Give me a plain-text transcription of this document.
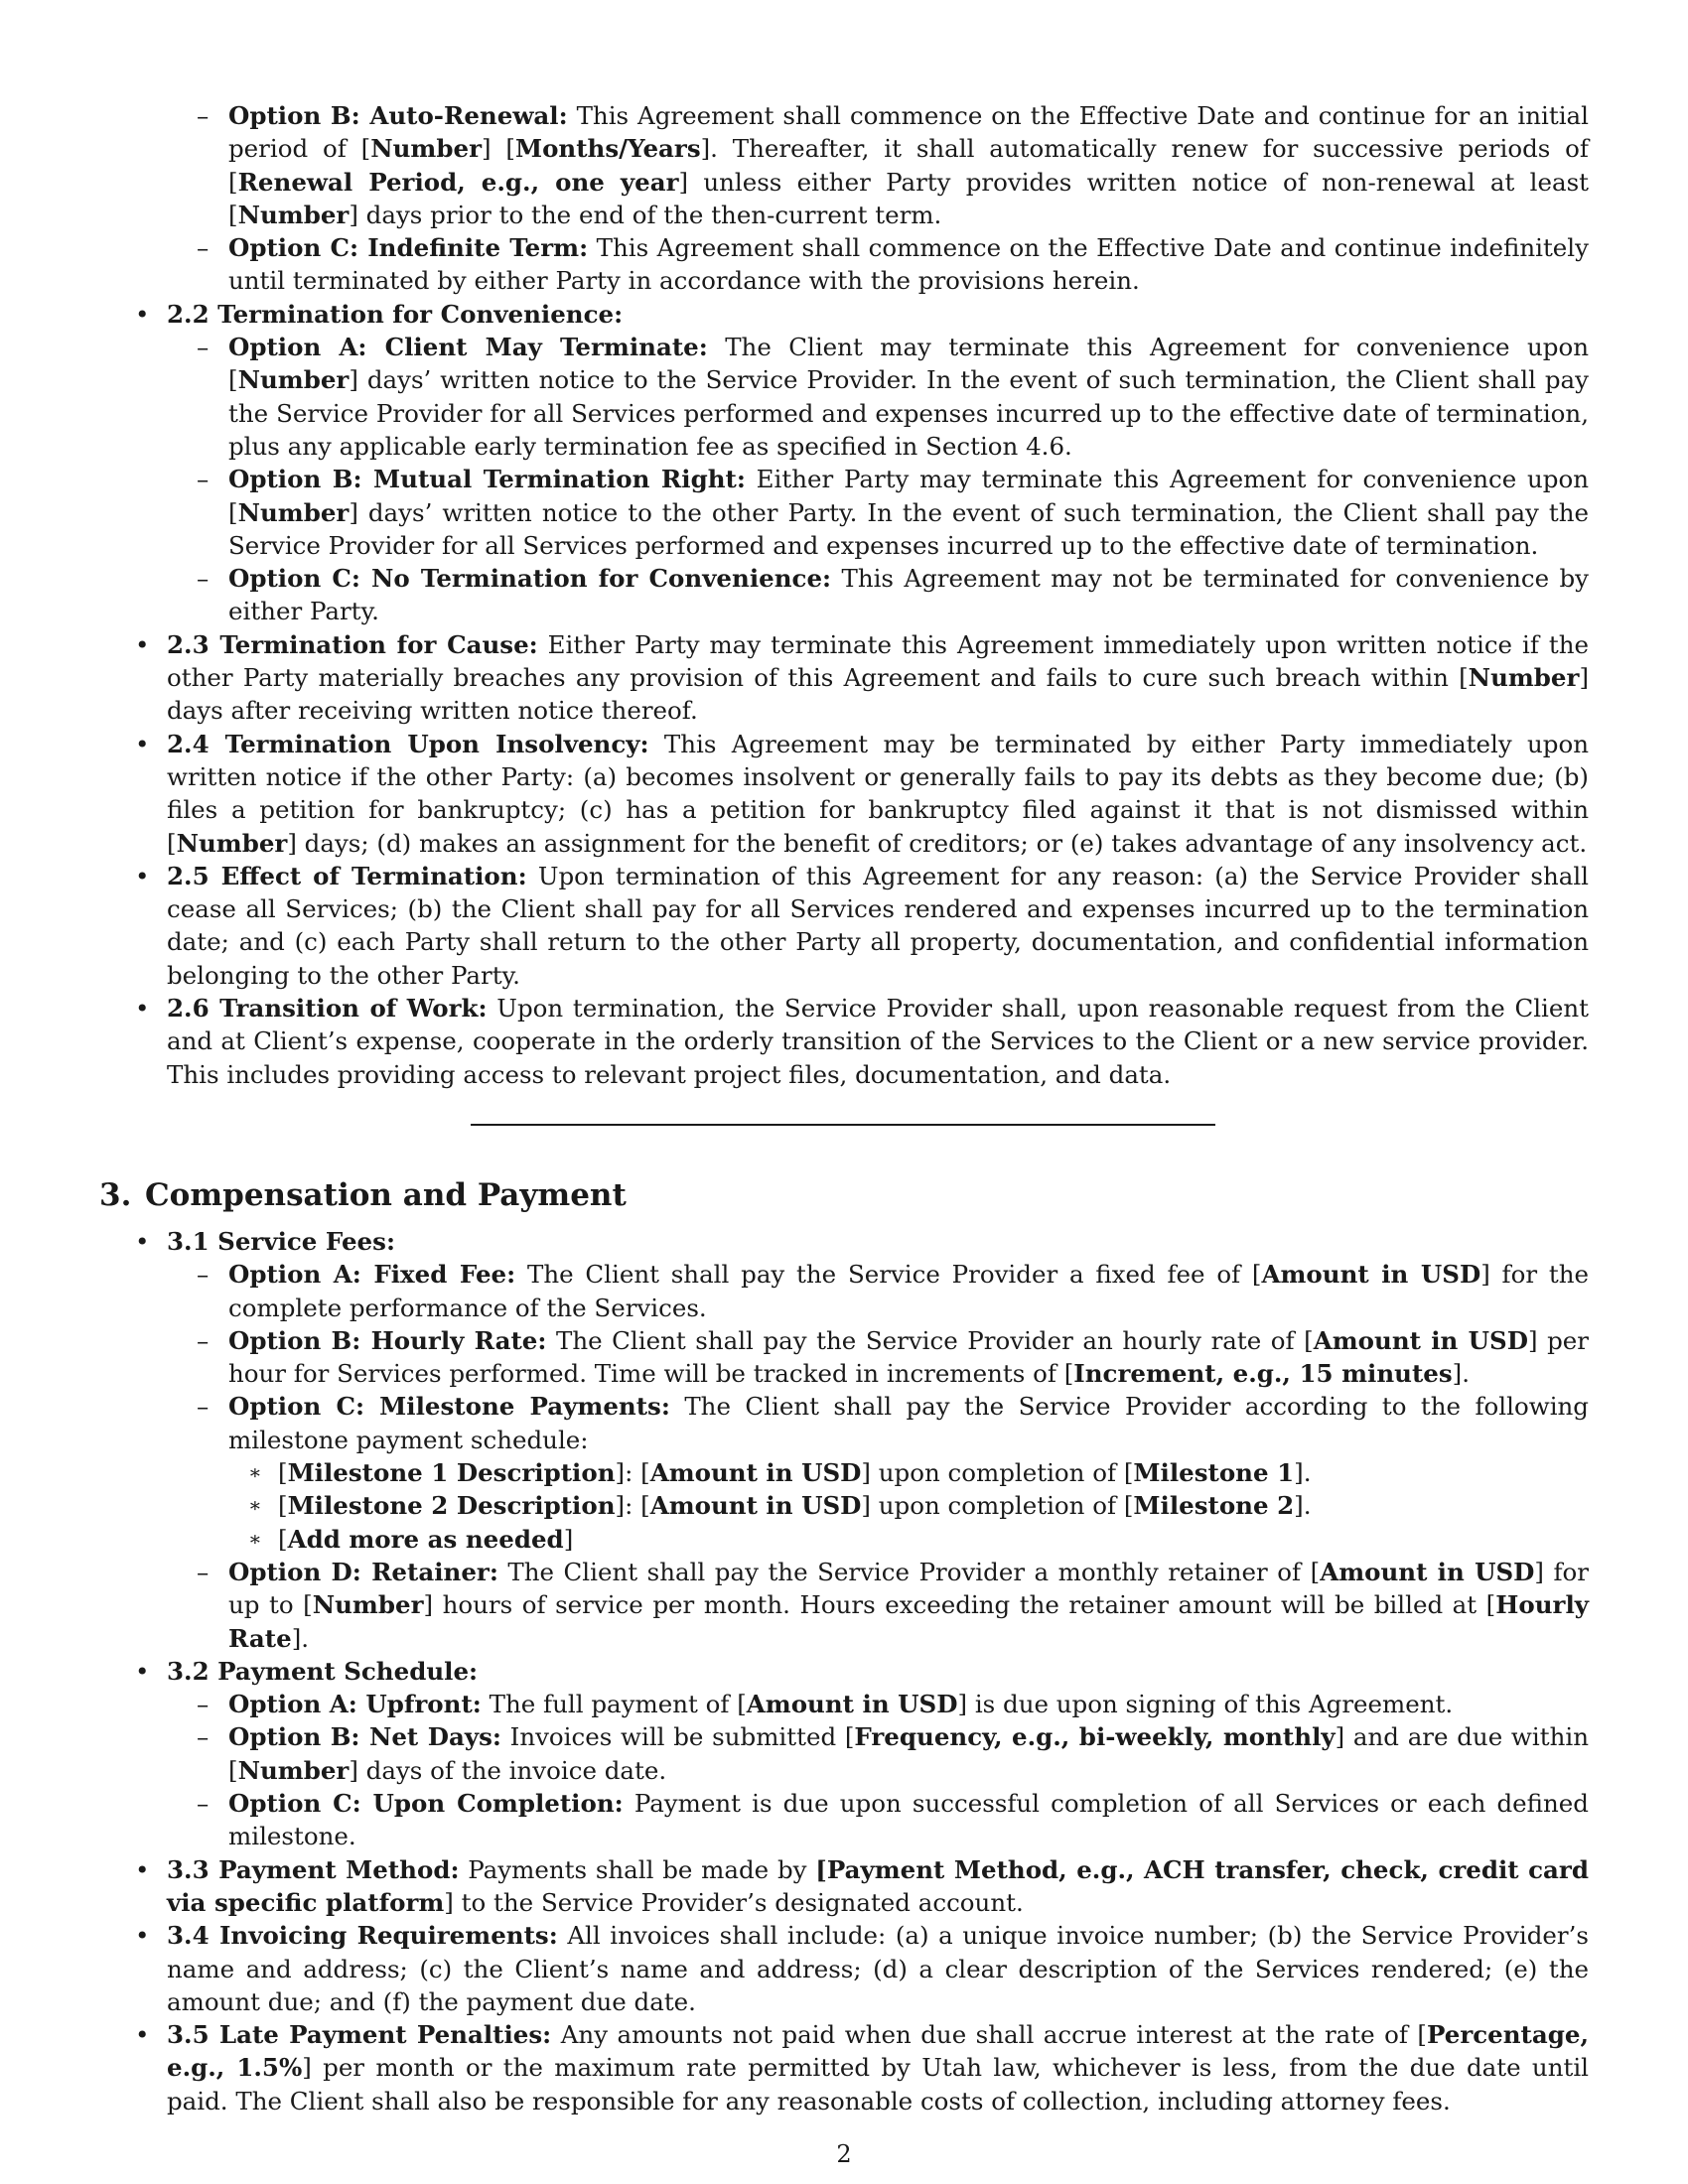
– Option B: Auto-Renewal: This Agreement shall commence on the Effective Date and continue for an initial period of [Number] [Months/Years]. Thereafter, it shall automatically renew for successive periods of [Renewal Period, e.g., one year] unless either Party provides written notice of non-renewal at least [Number] days prior to the end of the then-current term.

– Option C: Indefinite Term: This Agreement shall commence on the Effective Date and continue indefinitely until terminated by either Party in accordance with the provisions herein.

• 2.2 Termination for Convenience:

– Option A: Client May Terminate: The Client may terminate this Agreement for convenience upon [Number] days’ written notice to the Service Provider. In the event of such termination, the Client shall pay the Service Provider for all Services performed and expenses incurred up to the effective date of termination, plus any applicable early termination fee as specified in Section 4.6.

– Option B: Mutual Termination Right: Either Party may terminate this Agreement for convenience upon [Number] days’ written notice to the other Party. In the event of such termination, the Client shall pay the Service Provider for all Services performed and expenses incurred up to the effective date of termination.

– Option C: No Termination for Convenience: This Agreement may not be terminated for convenience by either Party.

• 2.3 Termination for Cause: Either Party may terminate this Agreement immediately upon written notice if the other Party materially breaches any provision of this Agreement and fails to cure such breach within [Number] days after receiving written notice thereof.

• 2.4 Termination Upon Insolvency: This Agreement may be terminated by either Party immediately upon written notice if the other Party: (a) becomes insolvent or generally fails to pay its debts as they become due; (b) files a petition for bankruptcy; (c) has a petition for bankruptcy filed against it that is not dismissed within [Number] days; (d) makes an assignment for the benefit of creditors; or (e) takes advantage of any insolvency act.

• 2.5 Effect of Termination: Upon termination of this Agreement for any reason: (a) the Service Provider shall cease all Services; (b) the Client shall pay for all Services rendered and expenses incurred up to the termination date; and (c) each Party shall return to the other Party all property, documentation, and confidential information belonging to the other Party.

• 2.6 Transition of Work: Upon termination, the Service Provider shall, upon reasonable request from the Client and at Client’s expense, cooperate in the orderly transition of the Services to the Client or a new service provider. This includes providing access to relevant project files, documentation, and data.

3. Compensation and Payment
• 3.1 Service Fees:

– Option A: Fixed Fee: The Client shall pay the Service Provider a fixed fee of [Amount in USD] for the complete performance of the Services.

– Option B: Hourly Rate: The Client shall pay the Service Provider an hourly rate of [Amount in USD] per hour for Services performed. Time will be tracked in increments of [Increment, e.g., 15 minutes].

– Option C: Milestone Payments: The Client shall pay the Service Provider according to the following milestone payment schedule:

∗ [Milestone 1 Description]: [Amount in USD] upon completion of [Milestone 1].

∗ [Milestone 2 Description]: [Amount in USD] upon completion of [Milestone 2].

∗ [Add more as needed]

– Option D: Retainer: The Client shall pay the Service Provider a monthly retainer of [Amount in USD] for up to [Number] hours of service per month. Hours exceeding the retainer amount will be billed at [Hourly Rate].

• 3.2 Payment Schedule:

– Option A: Upfront: The full payment of [Amount in USD] is due upon signing of this Agreement.

– Option B: Net Days: Invoices will be submitted [Frequency, e.g., bi-weekly, monthly] and are due within [Number] days of the invoice date.

– Option C: Upon Completion: Payment is due upon successful completion of all Services or each defined milestone.

• 3.3 Payment Method: Payments shall be made by [Payment Method, e.g., ACH transfer, check, credit card via specific platform] to the Service Provider’s designated account.

• 3.4 Invoicing Requirements: All invoices shall include: (a) a unique invoice number; (b) the Service Provider’s name and address; (c) the Client’s name and address; (d) a clear description of the Services rendered; (e) the amount due; and (f) the payment due date.

• 3.5 Late Payment Penalties: Any amounts not paid when due shall accrue interest at the rate of [Percentage, e.g., 1.5%] per month or the maximum rate permitted by Utah law, whichever is less, from the due date until paid. The Client shall also be responsible for any reasonable costs of collection, including attorney fees.

2
